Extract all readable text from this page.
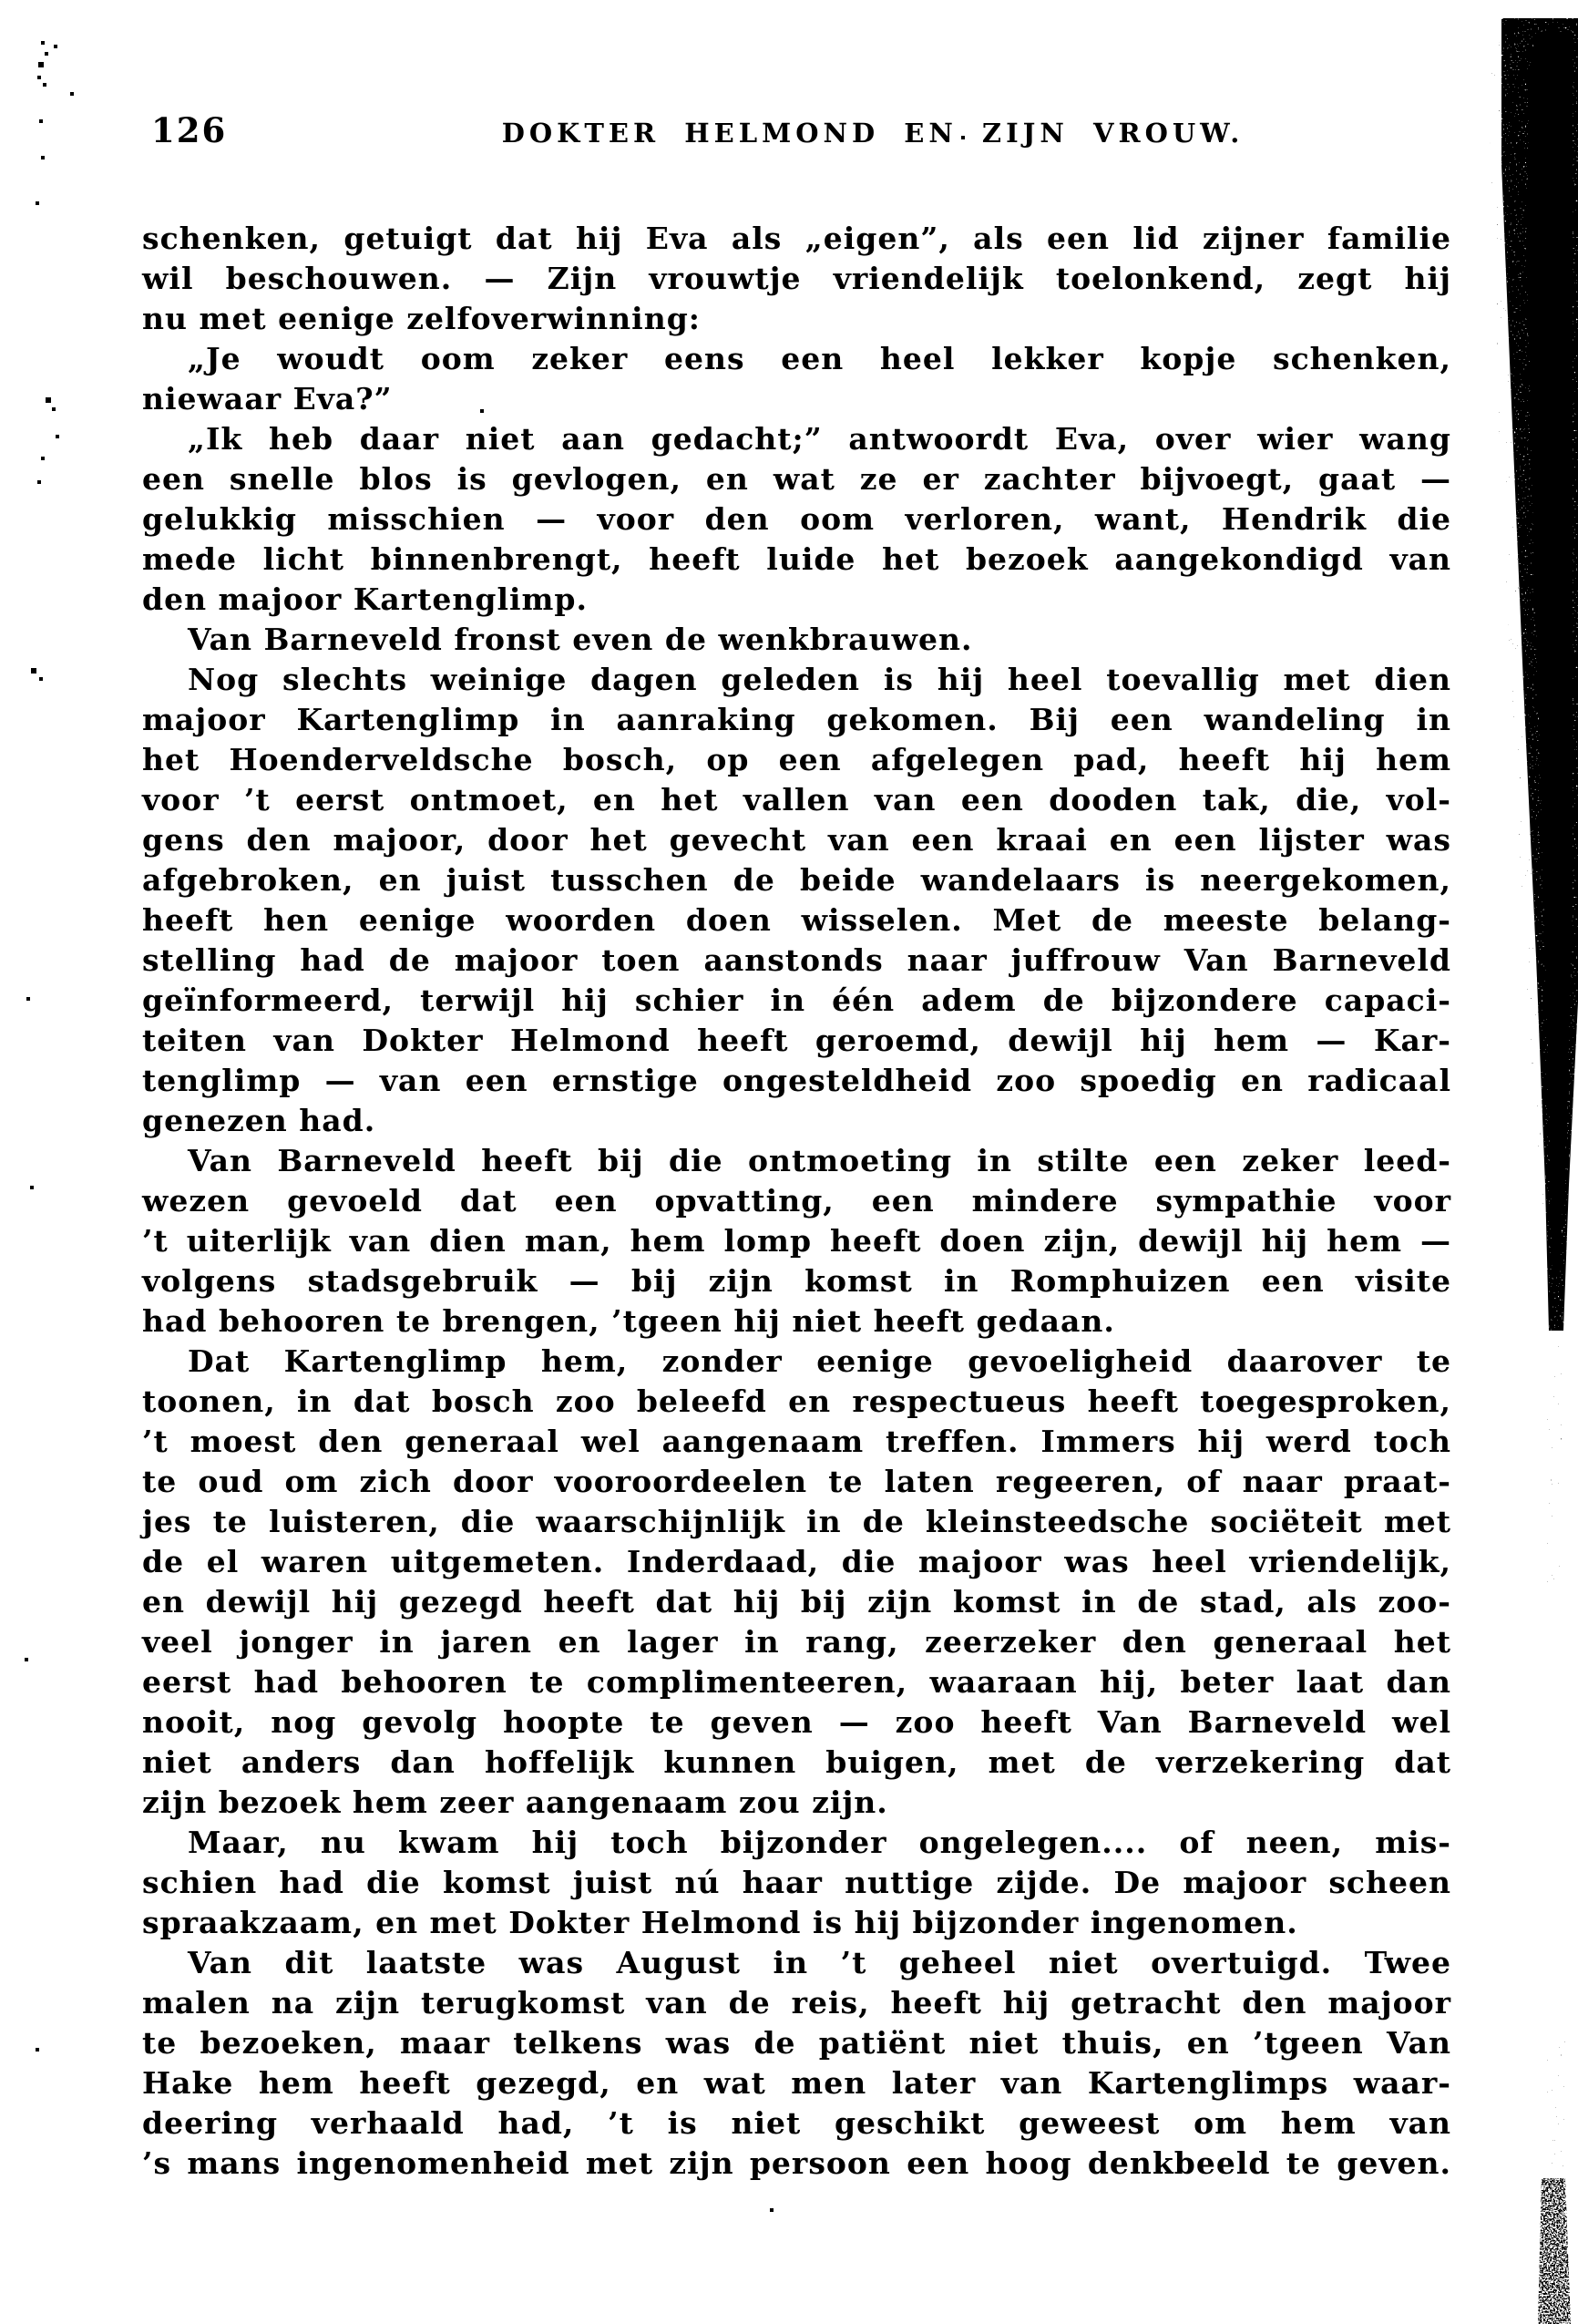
126	DOKTER HELMOND EN ZIJN VROUW.
schenken, getuigt dat hij Eva als „eigen”, als een lid zijner familie
wil beschouwen. — Zijn vrouwtje vriendelijk toelonkend, zegt hij
nu met eenige zelfoverwinning:
„Je woudt oom zeker eens een heel lekker kopje schenken,
niewaar Eva?”
„Ik heb daar niet aan gedacht;” antwoordt Eva, over wier wang
een snelle blos is gevlogen, en wat ze er zachter bijvoegt, gaat —
gelukkig misschien — voor den oom verloren, want, Hendrik die
mede licht binnenbrengt, heeft luide het bezoek aangekondigd van
den majoor Kartenglimp.
Van Barneveld fronst even de wenkbrauwen.
Nog slechts weinige dagen geleden is hij heel toevallig met dien
majoor Kartenglimp in aanraking gekomen. Bij een wandeling in
het Hoenderveldsche bosch, op een afgelegen pad, heeft hij hem
voor ’t eerst ontmoet, en het vallen van een dooden tak, die, vol-
gens den majoor, door het gevecht van een kraai en een lijster was
afgebroken, en juist tusschen de beide wandelaars is neergekomen,
heeft hen eenige woorden doen wisselen. Met de meeste belang-
stelling had de majoor toen aanstonds naar juffrouw Van Barneveld
geïnformeerd, terwijl hij schier in één adem de bijzondere capaci-
teiten van Dokter Helmond heeft geroemd, dewijl hij hem — Kar-
tenglimp — van een ernstige ongesteldheid zoo spoedig en radicaal
genezen had.
Van Barneveld heeft bij die ontmoeting in stilte een zeker leed-
wezen gevoeld dat een opvatting, een mindere sympathie voor
’t uiterlijk van dien man, hem lomp heeft doen zijn, dewijl hij hem —
volgens stadsgebruik — bij zijn komst in Romphuizen een visite
had behooren te brengen, ’tgeen hij niet heeft gedaan.
Dat Kartenglimp hem, zonder eenige gevoeligheid daarover te
toonen, in dat bosch zoo beleefd en respectueus heeft toegesproken,
’t moest den generaal wel aangenaam treffen. Immers hij werd toch
te oud om zich door vooroordeelen te laten regeeren, of naar praat-
jes te luisteren, die waarschijnlijk in de kleinsteedsche sociëteit met
de el waren uitgemeten. Inderdaad, die majoor was heel vriendelijk,
en dewijl hij gezegd heeft dat hij bij zijn komst in de stad, als zoo-
veel jonger in jaren en lager in rang, zeerzeker den generaal het
eerst had behooren te complimenteeren, waaraan hij, beter laat dan
nooit, nog gevolg hoopte te geven — zoo heeft Van Barneveld wel
niet anders dan hoffelijk kunnen buigen, met de verzekering dat
zijn bezoek hem zeer aangenaam zou zijn.
Maar, nu kwam hij toch bijzonder ongelegen.... of neen, mis-
schien had die komst juist nú haar nuttige zijde. De majoor scheen
spraakzaam, en met Dokter Helmond is hij bijzonder ingenomen.
Van dit laatste was August in ’t geheel niet overtuigd. Twee
malen na zijn terugkomst van de reis, heeft hij getracht den majoor
te bezoeken, maar telkens was de patiënt niet thuis, en ’tgeen Van
Hake hem heeft gezegd, en wat men later van Kartenglimps waar-
deering verhaald had, ’t is niet geschikt geweest om hem van
’s mans ingenomenheid met zijn persoon een hoog denkbeeld te geven.
